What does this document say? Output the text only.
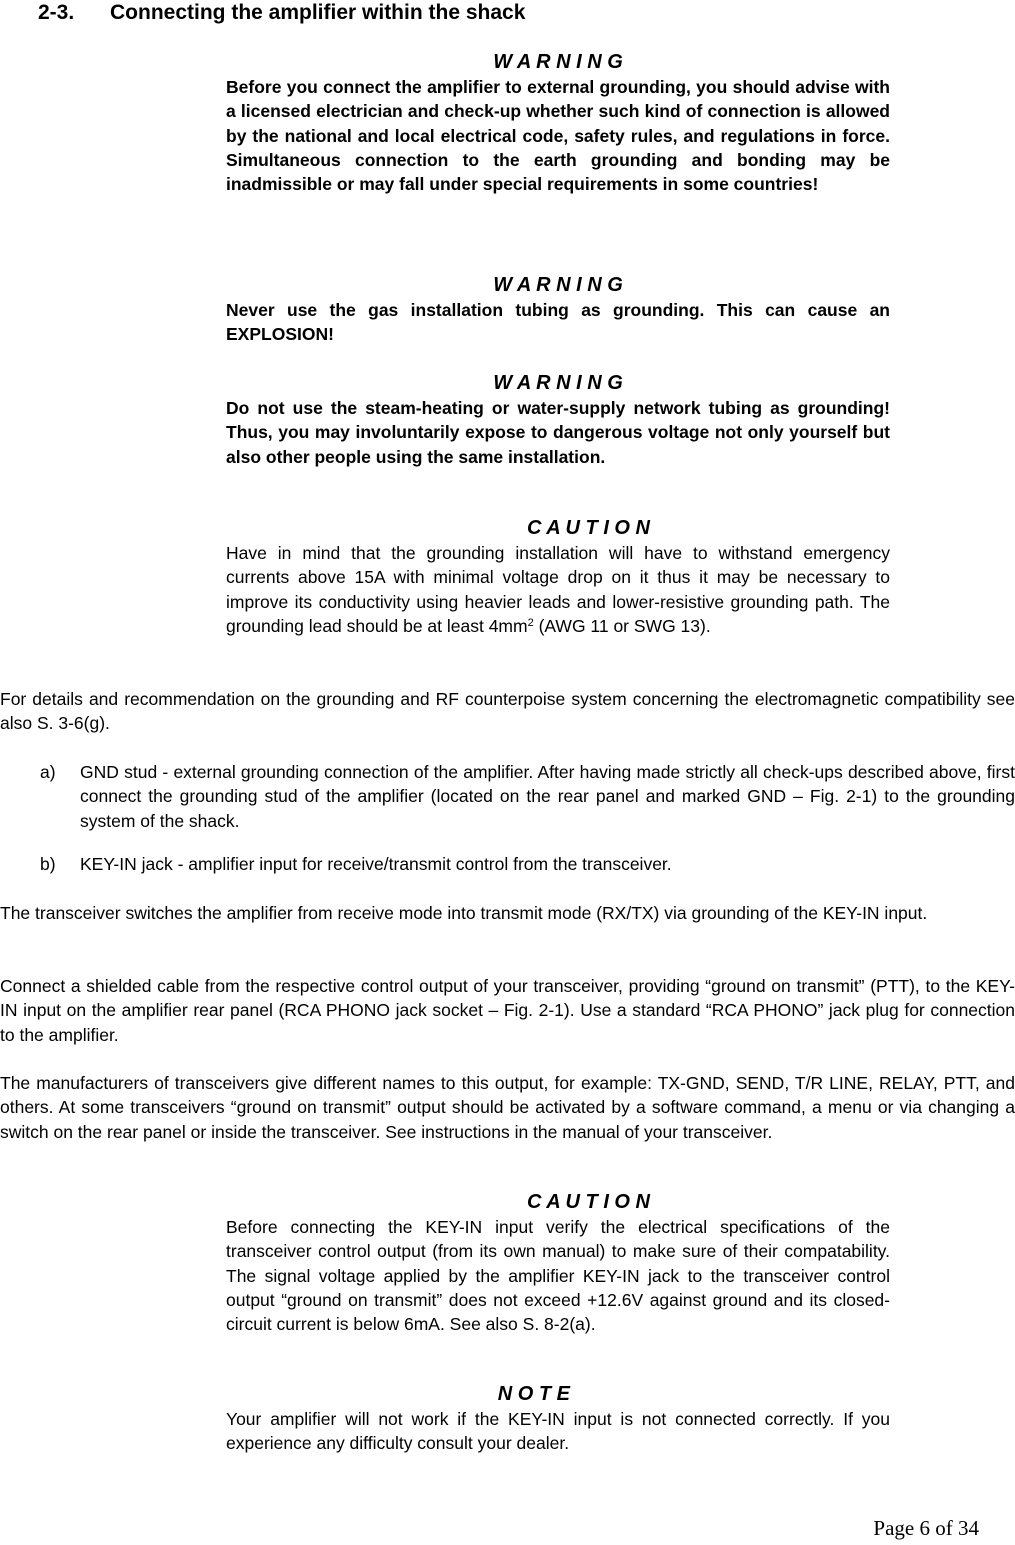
2-3. Connecting the amplifier within the shack
W A R N I N G
Before you connect the amplifier to external grounding, you should advise with a licensed electrician and check-up whether such kind of connection is allowed by the national and local electrical code, safety rules, and regulations in force. Simultaneous connection to the earth grounding and bonding may be inadmissible or may fall under special requirements in some countries!
W A R N I N G
Never use the gas installation tubing as grounding. This can cause an EXPLOSION!
W A R N I N G
Do not use the steam-heating or water-supply network tubing as grounding! Thus, you may involuntarily expose to dangerous voltage not only yourself but also other people using the same installation.
C A U T I O N
Have in mind that the grounding installation will have to withstand emergency currents above 15A with minimal voltage drop on it thus it may be necessary to improve its conductivity using heavier leads and lower-resistive grounding path. The grounding lead should be at least $4mm^2$ (AWG 11 or SWG 13).
For details and recommendation on the grounding and RF counterpoise system concerning the electromagnetic compatibility see also S. 3-6(g).
a) GND stud - external grounding connection of the amplifier. After having made strictly all check-ups described above, first connect the grounding stud of the amplifier (located on the rear panel and marked GND – Fig. 2-1) to the grounding system of the shack.
b) KEY-IN jack - amplifier input for receive/transmit control from the transceiver.
The transceiver switches the amplifier from receive mode into transmit mode (RX/TX) via grounding of the KEY-IN input.
Connect a shielded cable from the respective control output of your transceiver, providing “ground on transmit” (PTT), to the KEY-IN input on the amplifier rear panel (RCA PHONO jack socket – Fig. 2-1). Use a standard “RCA PHONO” jack plug for connection to the amplifier.
The manufacturers of transceivers give different names to this output, for example: TX-GND, SEND, T/R LINE, RELAY, PTT, and others. At some transceivers “ground on transmit” output should be activated by a software command, a menu or via changing a switch on the rear panel or inside the transceiver. See instructions in the manual of your transceiver.
C A U T I O N
Before connecting the KEY-IN input verify the electrical specifications of the transceiver control output (from its own manual) to make sure of their compatability. The signal voltage applied by the amplifier KEY-IN jack to the transceiver control output “ground on transmit” does not exceed +12.6V against ground and its closed-circuit current is below 6mA. See also S. 8-2(a).
N O T E
Your amplifier will not work if the KEY-IN input is not connected correctly. If you experience any difficulty consult your dealer.
Page 6 of 34
